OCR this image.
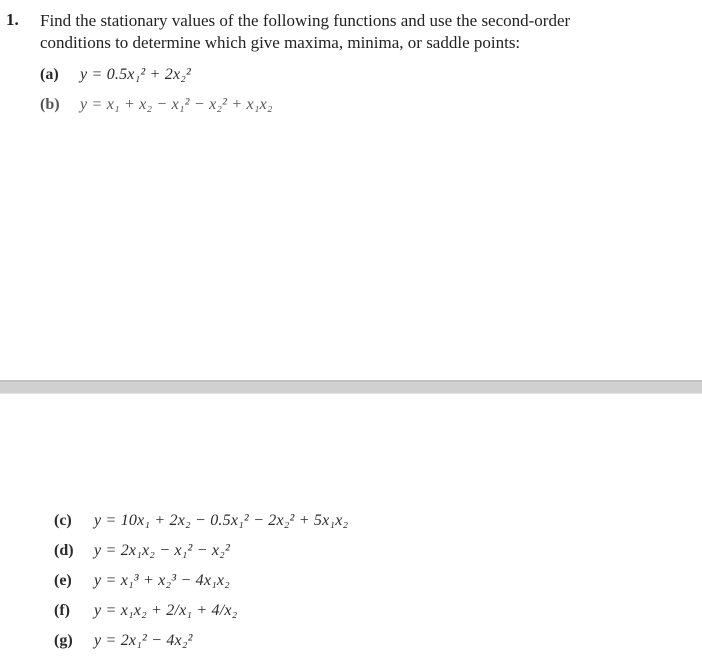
1. Find the stationary values of the following functions and use the second-order conditions to determine which give maxima, minima, or saddle points:
(a) y = 0.5x₁² + 2x₂²
(b) y = x₁ + x₂ − x₁² − x₂² + x₁x₂
(c) y = 10x₁ + 2x₂ − 0.5x₁² − 2x₂² + 5x₁x₂
(d) y = 2x₁x₂ − x₁² − x₂²
(e) y = x₁³ + x₂³ − 4x₁x₂
(f) y = x₁x₂ + 2/x₁ + 4/x₂
(g) y = 2x₁² − 4x₂²
